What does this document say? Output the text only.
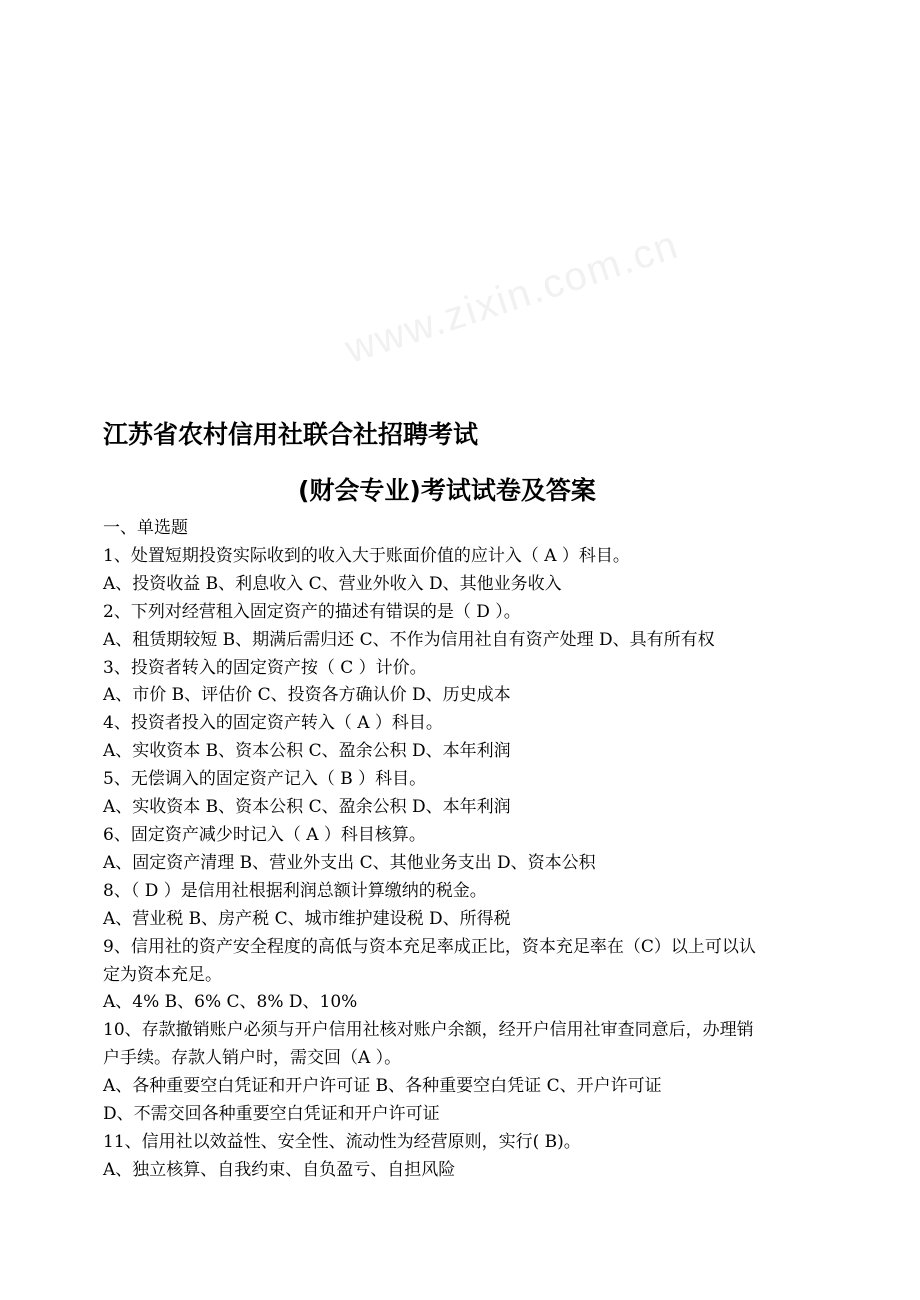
www.zixin.com.cn
江苏省农村信用社联合社招聘考试
(财会专业)考试试卷及答案
一、单选题
1、处置短期投资实际收到的收入大于账面价值的应计入（ A ）科目。
A、投资收益 B、利息收入 C、营业外收入 D、其他业务收入
2、下列对经营租入固定资产的描述有错误的是（ D ）。
A、租赁期较短 B、期满后需归还 C、不作为信用社自有资产处理 D、具有所有权
3、投资者转入的固定资产按（ C ）计价。
A、市价 B、评估价 C、投资各方确认价 D、历史成本
4、投资者投入的固定资产转入（ A ）科目。
A、实收资本 B、资本公积 C、盈余公积 D、本年利润
5、无偿调入的固定资产记入（ B ）科目。
A、实收资本 B、资本公积 C、盈余公积 D、本年利润
6、固定资产减少时记入（ A ）科目核算。
A、固定资产清理 B、营业外支出 C、其他业务支出 D、资本公积
8、（ D ）是信用社根据利润总额计算缴纳的税金。
A、营业税 B、房产税 C、城市维护建设税 D、所得税
9、信用社的资产安全程度的高低与资本充足率成正比，资本充足率在（C）以上可以认
定为资本充足。
A、4% B、6% C、8% D、10%
10、存款撤销账户必须与开户信用社核对账户余额，经开户信用社审查同意后，办理销
户手续。存款人销户时，需交回（A ）。
A、各种重要空白凭证和开户许可证 B、各种重要空白凭证 C、开户许可证
D、不需交回各种重要空白凭证和开户许可证
11、信用社以效益性、安全性、流动性为经营原则，实行( B)。
A、独立核算、自我约束、自负盈亏、自担风险
